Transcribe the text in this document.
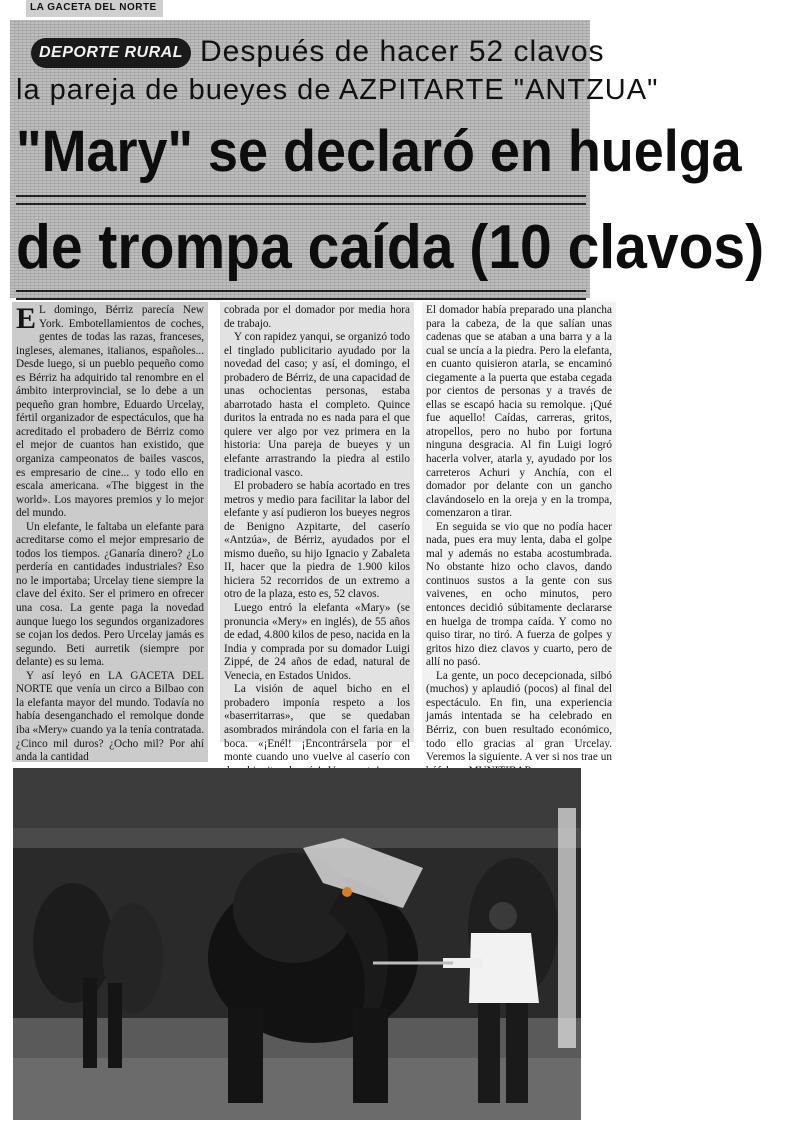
LA GACETA DEL NORTE
DEPORTE RURAL Después de hacer 52 clavos
la pareja de bueyes de AZPITARTE "ANTZUA"
"Mary" se declaró en huelga
de trompa caída (10 clavos)

E L domingo, Bérriz parecía New York. Embotellamientos de coches, gentes de todas las razas, franceses, ingleses, alemanes, italianos, españoles... Desde luego, si un pueblo pequeño como es Bérriz ha adquirido tal renombre en el ámbito interprovincial, se lo debe a un pequeño gran hombre, Eduardo Urcelay, fértil organizador de espectáculos, que ha acreditado el probadero de Bérriz como el mejor de cuantos han existido, que organiza campeonatos de bailes vascos, es empresario de cine... y todo ello en escala americana. «The biggest in the world». Los mayores premios y lo mejor del mundo.

Un elefante, le faltaba un elefante para acreditarse como el mejor empresario de todos los tiempos. ¿Ganaría dinero? ¿Lo perdería en cantidades industriales? Eso no le importaba; Urcelay tiene siempre la clave del éxito. Ser el primero en ofrecer una cosa. La gente paga la novedad aunque luego los segundos organizadores se cojan los dedos. Pero Urcelay jamás es segundo. Beti aurretik (siempre por delante) es su lema.

Y así leyó en LA GACETA DEL NORTE que venía un circo a Bilbao con la elefanta mayor del mundo. Todavía no había desenganchado el remolque donde iba «Mery» cuando ya la tenía contratada. ¿Cinco mil duros? ¿Ocho mil? Por ahí anda la cantidad

cobrada por el domador por media hora de trabajo.

Y con rapidez yanqui, se organizó todo el tinglado publicitario ayudado por la novedad del caso; y así, el domingo, el probadero de Bérriz, de una capacidad de unas ochocientas personas, estaba abarrotado hasta el completo. Quince duritos la entrada no es nada para el que quiere ver algo por vez primera en la historia: Una pareja de bueyes y un elefante arrastrando la piedra al estilo tradicional vasco.

El probadero se había acortado en tres metros y medio para facilitar la labor del elefante y así pudieron los bueyes negros de Benigno Azpitarte, del caserío «Antzúa», de Bérriz, ayudados por el mismo dueño, su hijo Ignacio y Zabaleta II, hacer que la piedra de 1.900 kilos hiciera 52 recorridos de un extremo a otro de la plaza, esto es, 52 clavos.

Luego entró la elefanta «Mary» (se pronuncia «Mery» en inglés), de 55 años de edad, 4.800 kilos de peso, nacida en la India y comprada por su domador Luigi Zippé, de 24 años de edad, natural de Venecia, en Estados Unidos.

La visión de aquel bicho en el probadero imponía respeto a los «baserritarras», que se quedaban asombrados mirándola con el faria en la boca. «¡Enél! ¡Encontrársela por el monte cuando uno vuelve al caserío con

El domador había preparado una plancha para la cabeza, de la que salían unas cadenas que se ataban a una barra y a la cual se uncía a la piedra. Pero la elefanta, en cuanto quisieron atarla, se encaminó ciegamente a la puerta que estaba cegada por cientos de personas y a través de ellas se escapó hacia su remolque. ¡Qué fue aquello! Caídas, carreras, gritos, atropellos, pero no hubo por fortuna ninguna desgracia. Al fin Luigi logró hacerla volver, atarla y, ayudado por los carreteros Achuri y Anchía, con el domador por delante con un gancho clavándoselo en la oreja y en la trompa, comenzaron a tirar.

En seguida se vio que no podía hacer nada, pues era muy lenta, daba el golpe mal y además no estaba acostumbrada. No obstante hizo ocho clavos, dando continuos sustos a la gente con sus vaivenes, en ocho minutos, pero entonces decidió súbitamente declararse en huelga de trompa caída. Y como no quiso tirar, no tiró. A fuerza de golpes y gritos hizo diez clavos y cuarto, pero de allí no pasó.

La gente, un poco decepcionada, silbó (muchos) y aplaudió (pocos) al final del espectáculo. En fin, una experiencia jamás intentada se ha celebrado en Bérriz, con buen resultado económico, todo ello gracias al gran Urcelay. Veremos la siguiente. A ver si nos trae un
